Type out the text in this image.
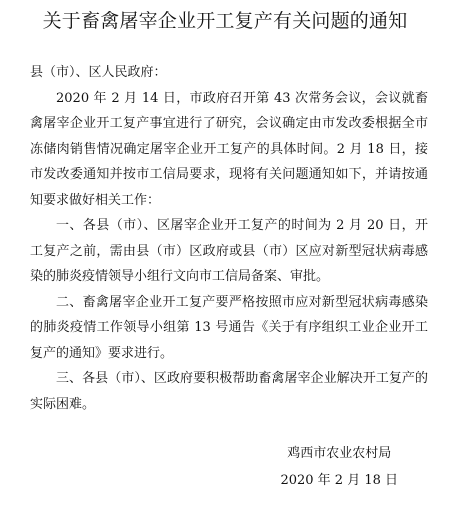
关于畜禽屠宰企业开工复产有关问题的通知

县（市）、区人民政府：

2020 年 2 月 14 日，市政府召开第 43 次常务会议，会议就畜禽屠宰企业开工复产事宜进行了研究，会议确定由市发改委根据全市冻储肉销售情况确定屠宰企业开工复产的具体时间。2 月 18 日，接市发改委通知并按市工信局要求，现将有关问题通知如下，并请按通知要求做好相关工作：

一、各县（市）、区屠宰企业开工复产的时间为 2 月 20 日，开工复产之前，需由县（市）区政府或县（市）区应对新型冠状病毒感染的肺炎疫情领导小组行文向市工信局备案、审批。

二、畜禽屠宰企业开工复产要严格按照市应对新型冠状病毒感染的肺炎疫情工作领导小组第 13 号通告《关于有序组织工业企业开工复产的通知》要求进行。

三、各县（市）、区政府要积极帮助畜禽屠宰企业解决开工复产的实际困难。

鸡西市农业农村局
2020 年 2 月 18 日
